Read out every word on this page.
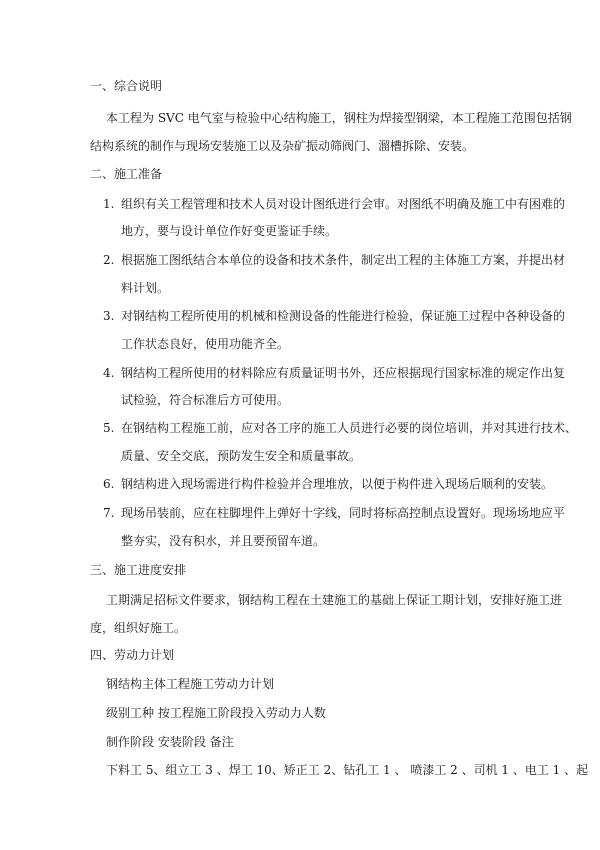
一、综合说明
本工程为 SVC 电气室与检验中心结构施工，钢柱为焊接型钢梁，本工程施工范围包括钢
结构系统的制作与现场安装施工以及杂矿振动筛阀门、溜槽拆除、安装。
二、施工准备
1. 组织有关工程管理和技术人员对设计图纸进行会审。对图纸不明确及施工中有困难的
地方，要与设计单位作好变更鉴证手续。
2. 根据施工图纸结合本单位的设备和技术条件，制定出工程的主体施工方案，并提出材
料计划。
3. 对钢结构工程所使用的机械和检测设备的性能进行检验，保证施工过程中各种设备的
工作状态良好，使用功能齐全。
4. 钢结构工程所使用的材料除应有质量证明书外，还应根据现行国家标准的规定作出复
试检验，符合标准后方可使用。
5. 在钢结构工程施工前，应对各工序的施工人员进行必要的岗位培训，并对其进行技术、
质量、安全交底，预防发生安全和质量事故。
6. 钢结构进入现场需进行构件检验并合理堆放，以便于构件进入现场后顺利的安装。
7. 现场吊装前，应在柱脚埋件上弹好十字线，同时将标高控制点设置好。现场场地应平
整夯实，没有积水，并且要预留车道。
三、施工进度安排
工期满足招标文件要求，钢结构工程在土建施工的基础上保证工期计划，安排好施工进
度，组织好施工。
四、劳动力计划
钢结构主体工程施工劳动力计划
级别工种 按工程施工阶段投入劳动力人数
制作阶段 安装阶段 备注
下料工 5、组立工 3 、焊工 10、矫正工 2、钻孔工 1 、 喷漆工 2 、司机 1 、电工 1 、起
